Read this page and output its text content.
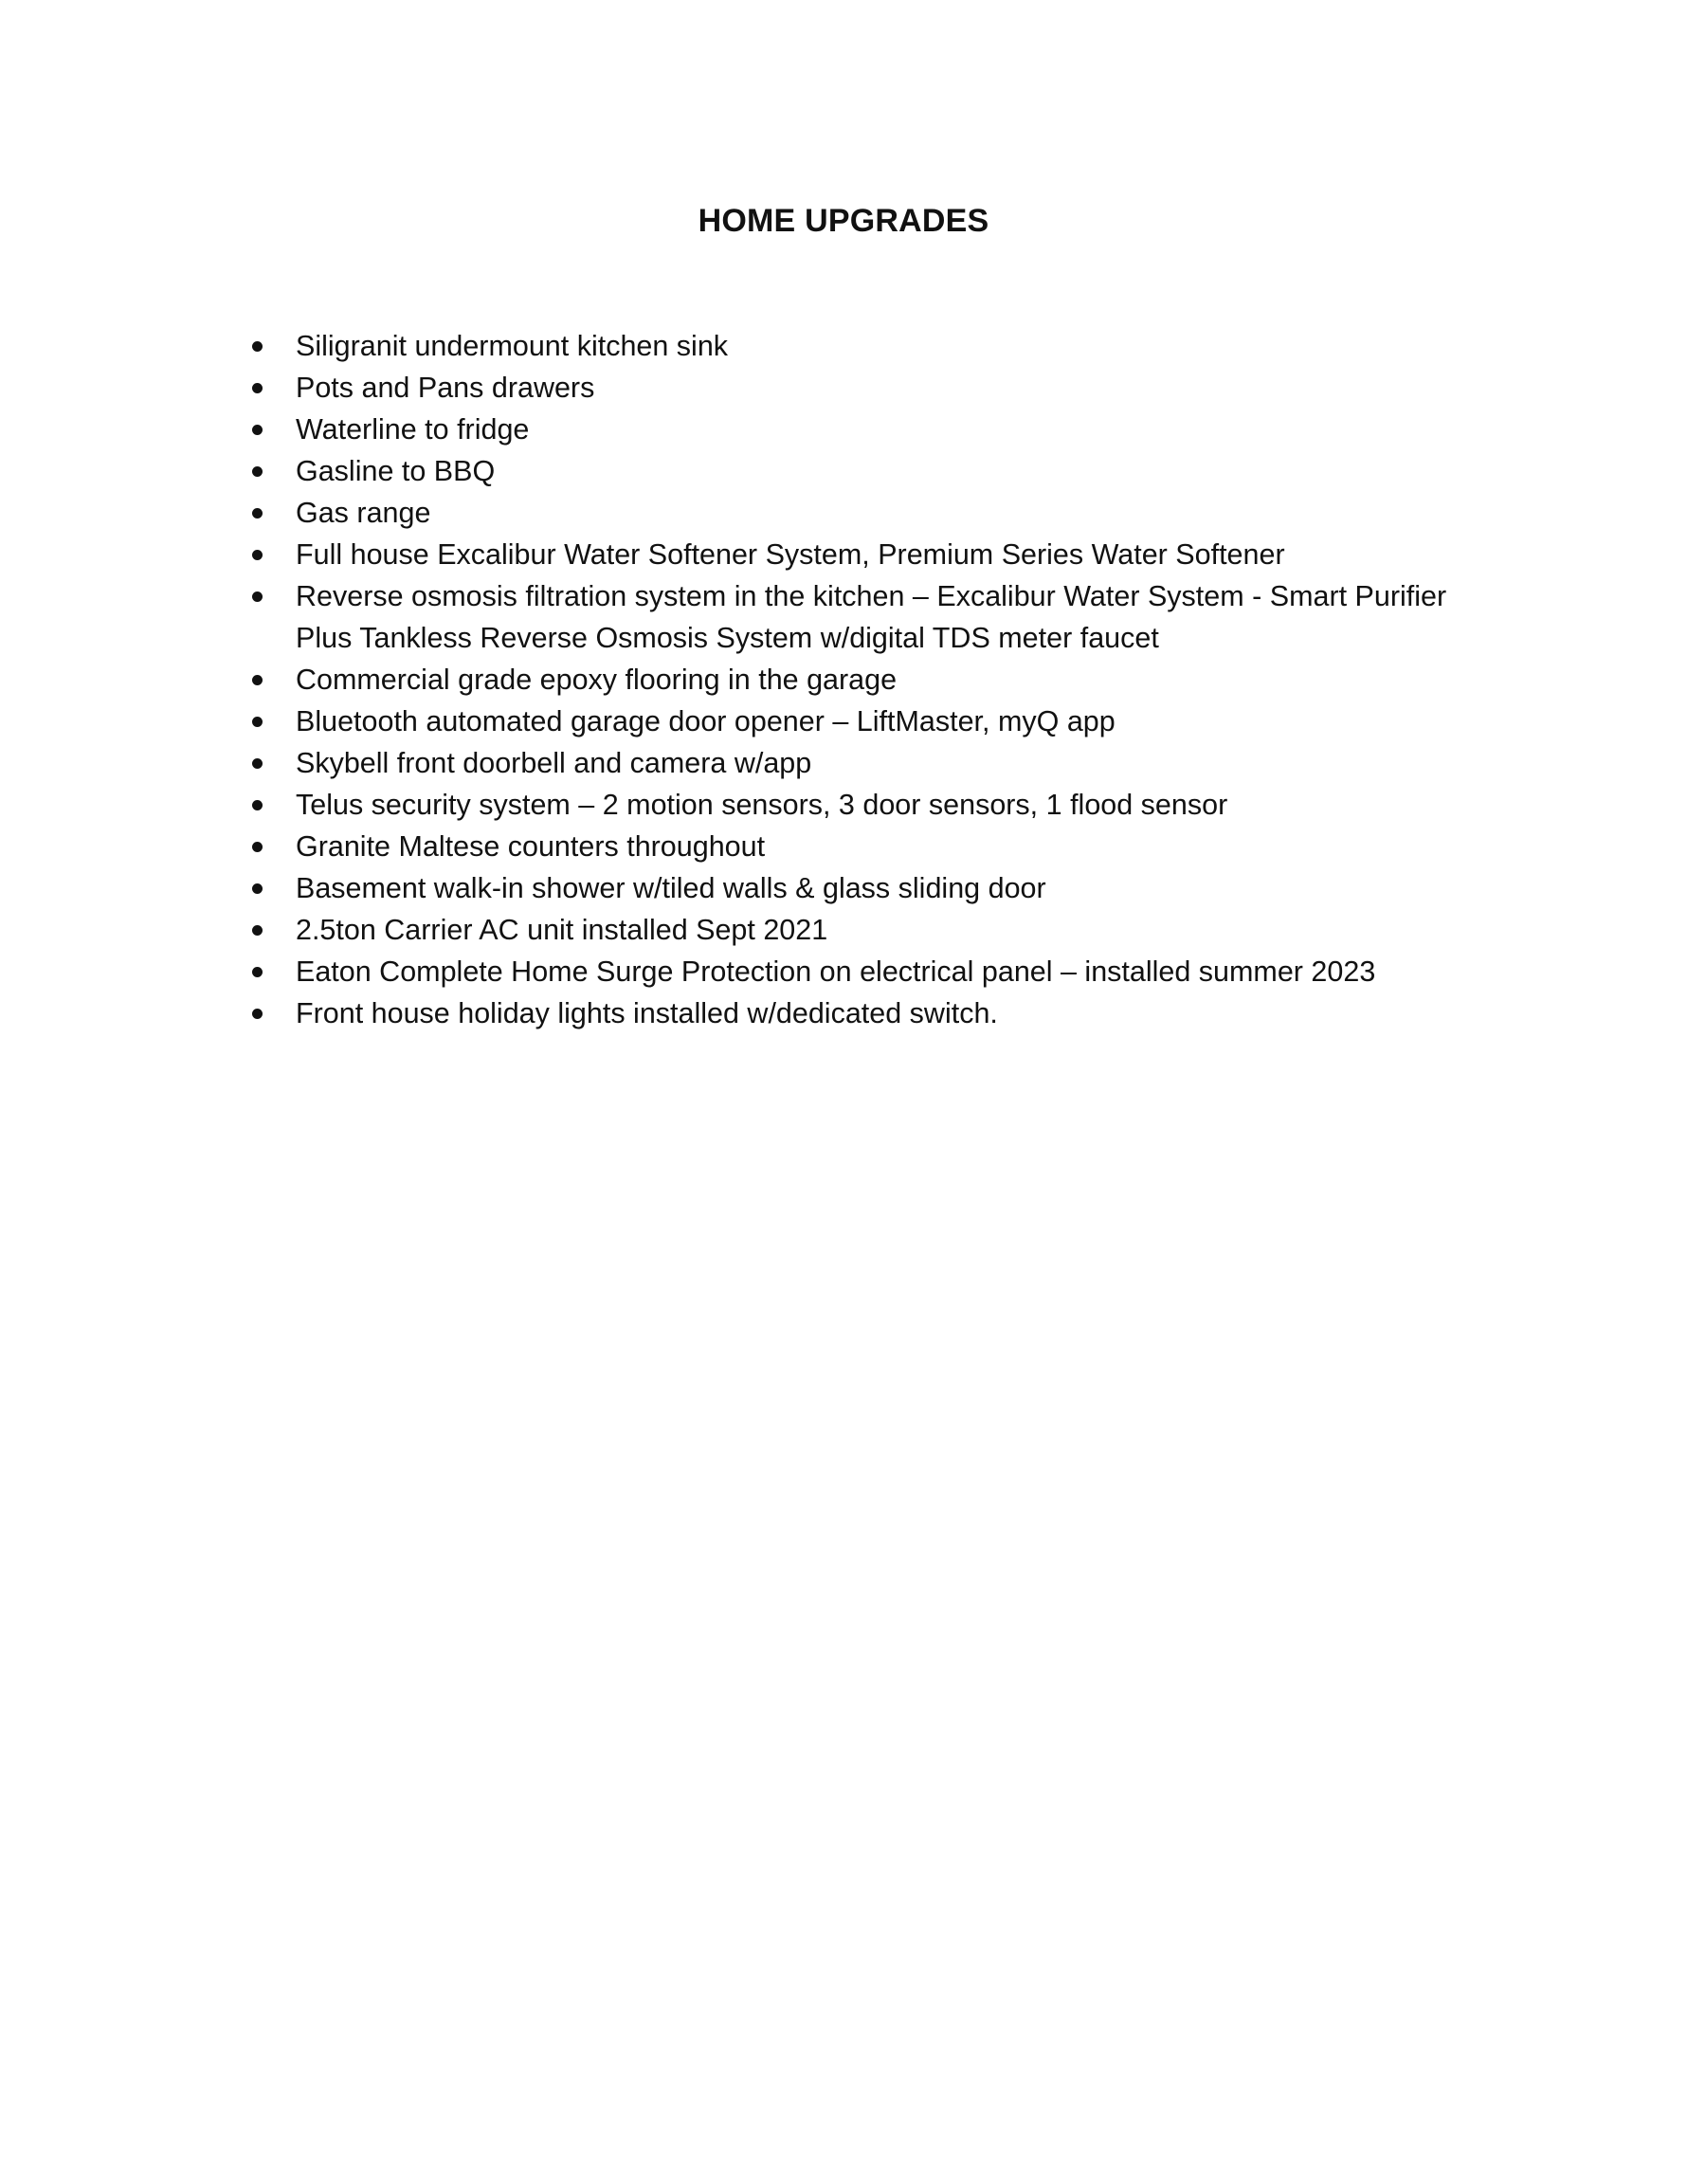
HOME UPGRADES
Siligranit undermount kitchen sink
Pots and Pans drawers
Waterline to fridge
Gasline to BBQ
Gas range
Full house Excalibur Water Softener System, Premium Series Water Softener
Reverse osmosis filtration system in the kitchen – Excalibur Water System - Smart Purifier Plus Tankless Reverse Osmosis System w/digital TDS meter faucet
Commercial grade epoxy flooring in the garage
Bluetooth automated garage door opener – LiftMaster, myQ app
Skybell front doorbell and camera w/app
Telus security system – 2 motion sensors, 3 door sensors, 1 flood sensor
Granite Maltese counters throughout
Basement walk-in shower w/tiled walls & glass sliding door
2.5ton Carrier AC unit installed Sept 2021
Eaton Complete Home Surge Protection on electrical panel – installed summer 2023
Front house holiday lights installed w/dedicated switch.
